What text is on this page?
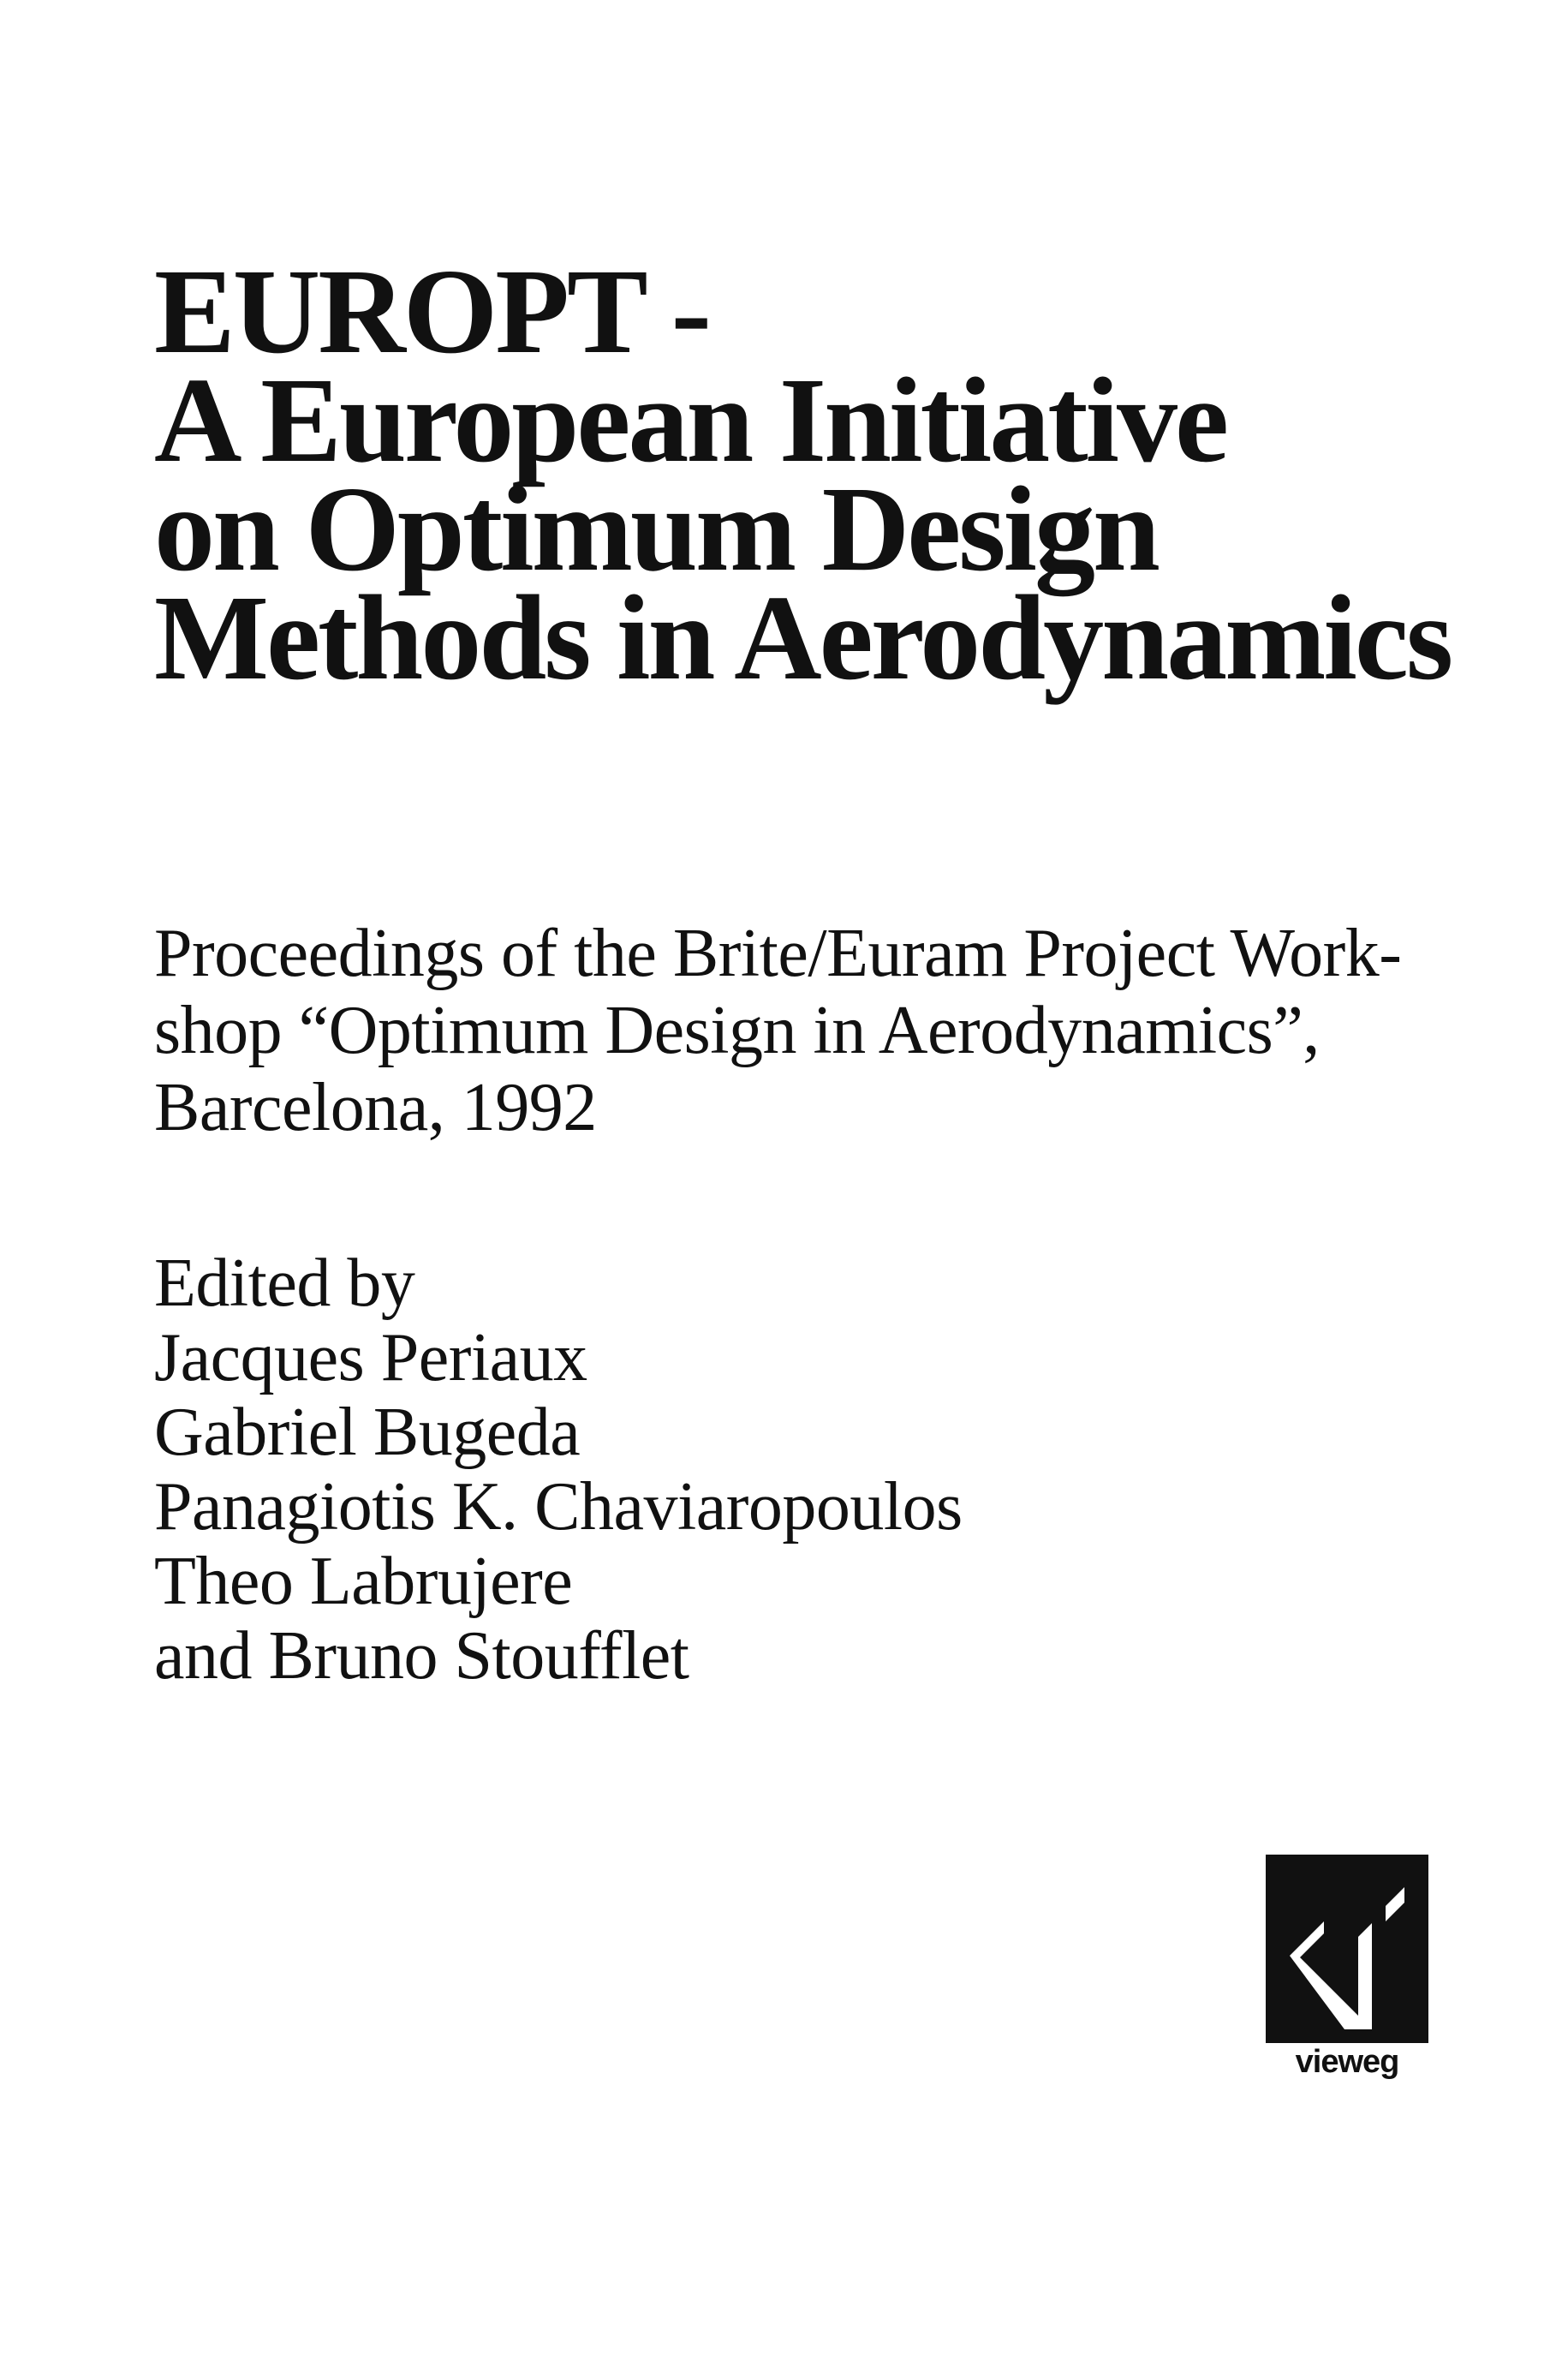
EUROPT -
A European Initiative
on Optimum Design
Methods in Aerodynamics

Proceedings of the Brite/Euram Project Work-
shop “Optimum Design in Aerodynamics”,
Barcelona, 1992

Edited by
Jacques Periaux
Gabriel Bugeda
Panagiotis K. Chaviaropoulos
Theo Labrujere
and Bruno Stoufflet
vieweg
